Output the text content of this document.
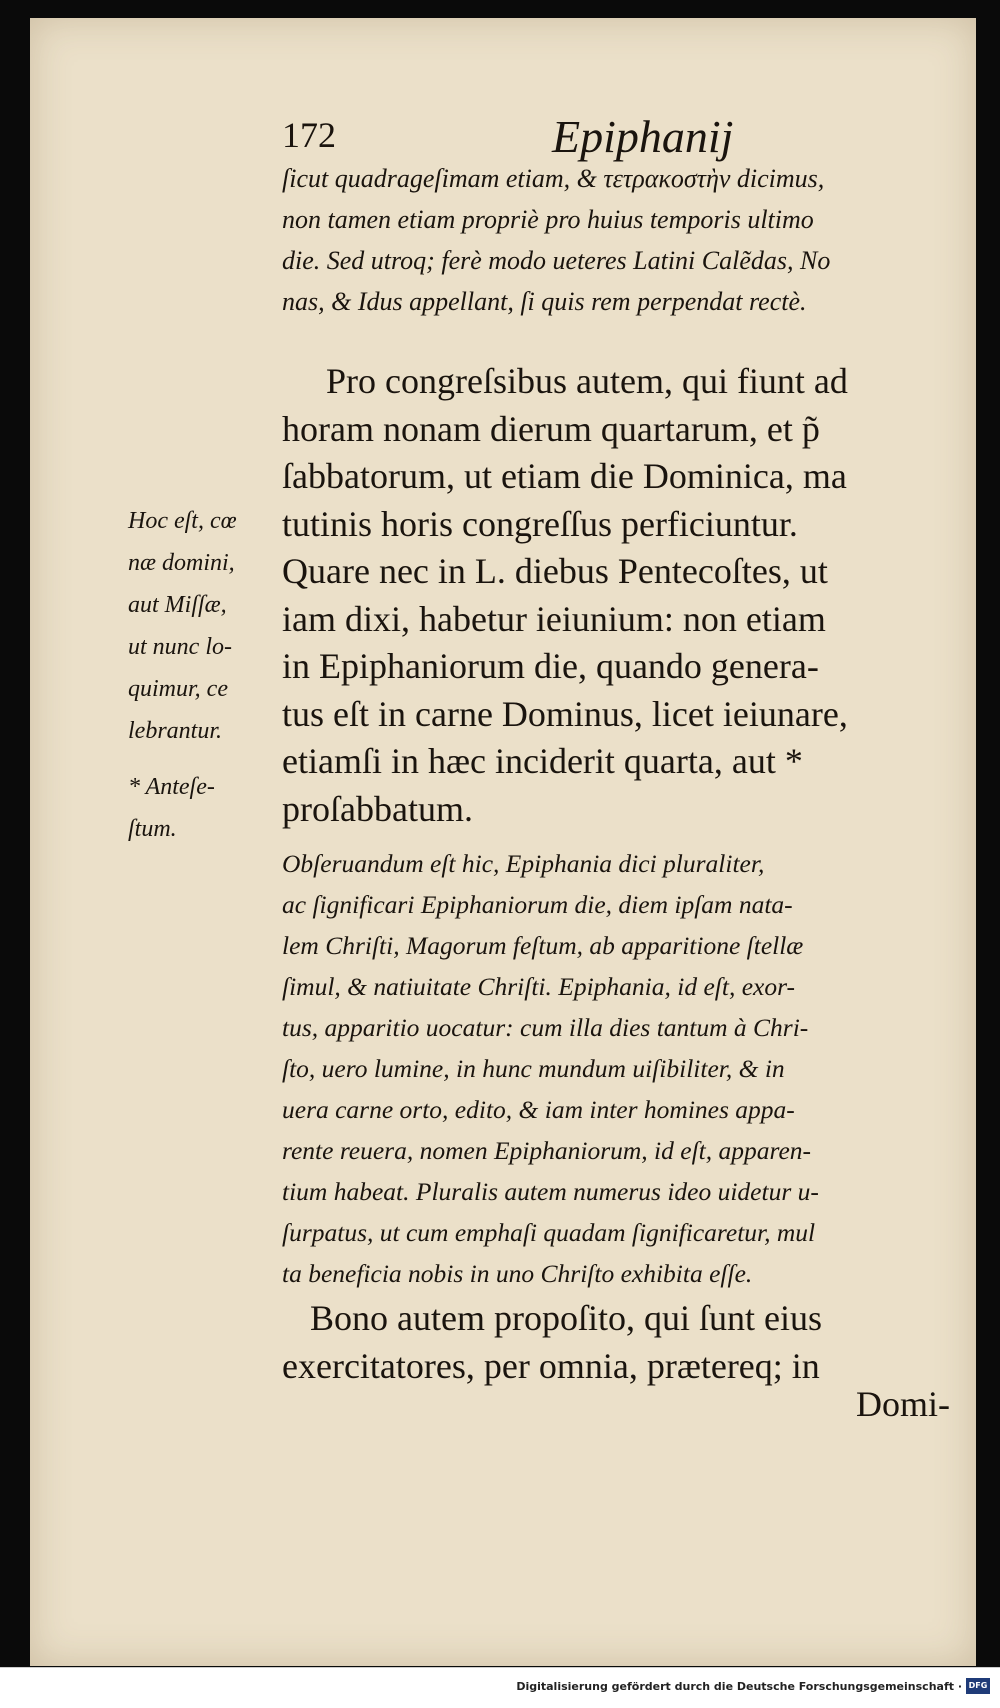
172	Epiphanij
ſicut quadrageſimam etiam, & τετρακοστὴν dicimus,
non tamen etiam propriè pro huius temporis ultimo
die. Sed utroq; ferè modo ueteres Latini Calẽdas, No
nas, & Idus appellant, ſi quis rem perpendat rectè.
Pro congreſsibus autem, qui fiunt ad
horam nonam dierum quartarum, et p̃
ſabbatorum, ut etiam die Dominica, ma
tutinis horis congreſſus perficiuntur.
Quare nec in L. diebus Pentecoſtes, ut
iam dixi, habetur ieiunium: non etiam
in Epiphaniorum die, quando genera-
tus eſt in carne Dominus, licet ieiunare,
etiamſi in hæc inciderit quarta, aut *
proſabbatum.
Hoc eſt, cœ
næ domini,
aut Miſſæ,
ut nunc lo-
quimur, ce
lebrantur.
* Anteſe-
ſtum.
Obſeruandum eſt hic, Epiphania dici pluraliter,
ac ſignificari Epiphaniorum die, diem ipſam nata-
lem Chriſti, Magorum feſtum, ab apparitione ſtellæ
ſimul, & natiuitate Chriſti. Epiphania, id eſt, exor-
tus, apparitio uocatur: cum illa dies tantum à Chri-
ſto, uero lumine, in hunc mundum uiſibiliter, & in
uera carne orto, edito, & iam inter homines appa-
rente reuera, nomen Epiphaniorum, id eſt, apparen-
tium habeat. Pluralis autem numerus ideo uidetur u-
ſurpatus, ut cum emphaſi quadam ſignificaretur, mul
ta beneficia nobis in uno Chriſto exhibita eſſe.
Bono autem propoſito, qui ſunt eius
exercitatores, per omnia, prætereq; in
Domi-
Digitalisierung gefördert durch die Deutsche Forschungsgemeinschaft · DFG
